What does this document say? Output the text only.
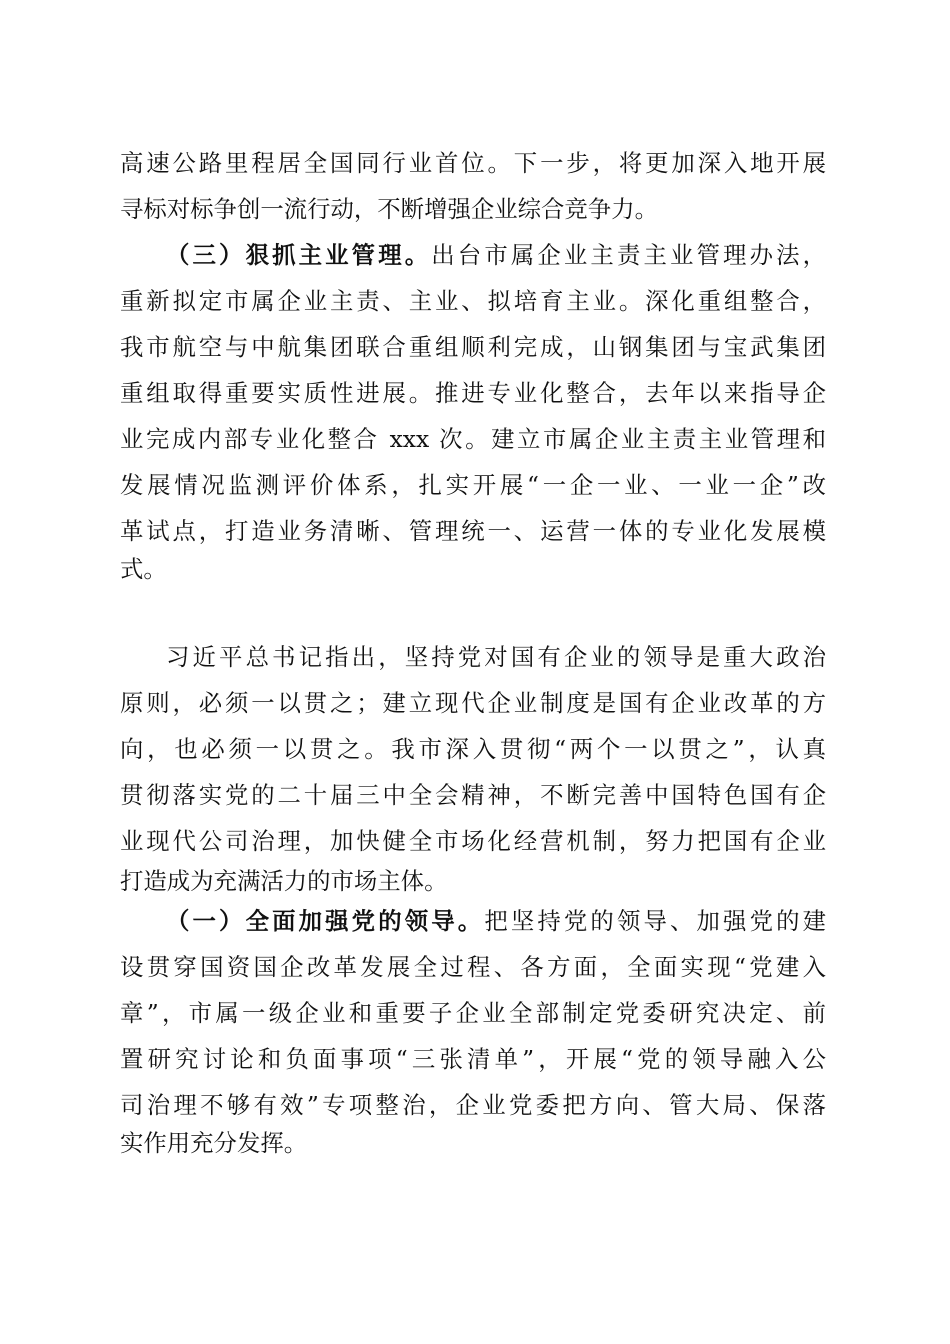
高速公路里程居全国同行业首位。下一步，将更加深入地开展
寻标对标争创一流行动，不断增强企业综合竞争力。
（三）狠抓主业管理。出台市属企业主责主业管理办法，
重新拟定市属企业主责、主业、拟培育主业。深化重组整合，
我市航空与中航集团联合重组顺利完成，山钢集团与宝武集团
重组取得重要实质性进展。推进专业化整合，去年以来指导企
业完成内部专业化整合 xxx 次。建立市属企业主责主业管理和
发展情况监测评价体系，扎实开展“一企一业、一业一企”改
革试点，打造业务清晰、管理统一、运营一体的专业化发展模
式。
习近平总书记指出，坚持党对国有企业的领导是重大政治
原则，必须一以贯之；建立现代企业制度是国有企业改革的方
向，也必须一以贯之。我市深入贯彻“两个一以贯之”，认真
贯彻落实党的二十届三中全会精神，不断完善中国特色国有企
业现代公司治理，加快健全市场化经营机制，努力把国有企业
打造成为充满活力的市场主体。
（一）全面加强党的领导。把坚持党的领导、加强党的建
设贯穿国资国企改革发展全过程、各方面，全面实现“党建入
章”，市属一级企业和重要子企业全部制定党委研究决定、前
置研究讨论和负面事项“三张清单”，开展“党的领导融入公
司治理不够有效”专项整治，企业党委把方向、管大局、保落
实作用充分发挥。
